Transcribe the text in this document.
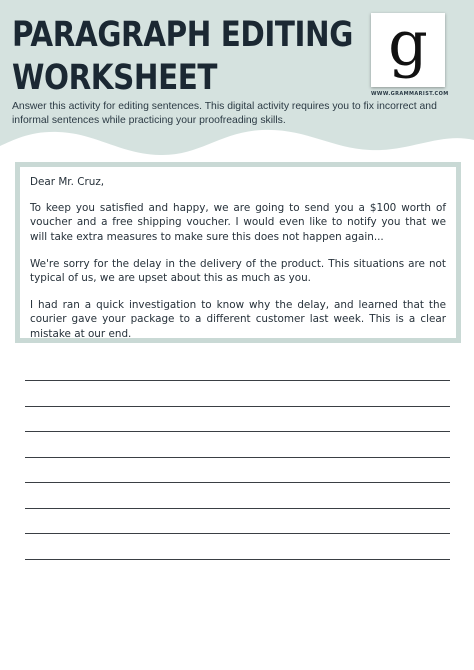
PARAGRAPH EDITING
WORKSHEET	g
WWW.GRAMMARIST.COM
Answer this activity for editing sentences. This digital activity requires you to fix incorrect and informal sentences while practicing your proofreading skills.

Dear Mr. Cruz,

To keep you satisfied and happy, we are going to send you a $100 worth of voucher and a free shipping voucher. I would even like to notify you that we will take extra measures to make sure this does not happen again...

We're sorry for the delay in the delivery of the product. This situations are not typical of us, we are upset about this as much as you.

I had ran a quick investigation to know why the delay, and learned that the courier gave your package to a different customer last week. This is a clear mistake at our end.
